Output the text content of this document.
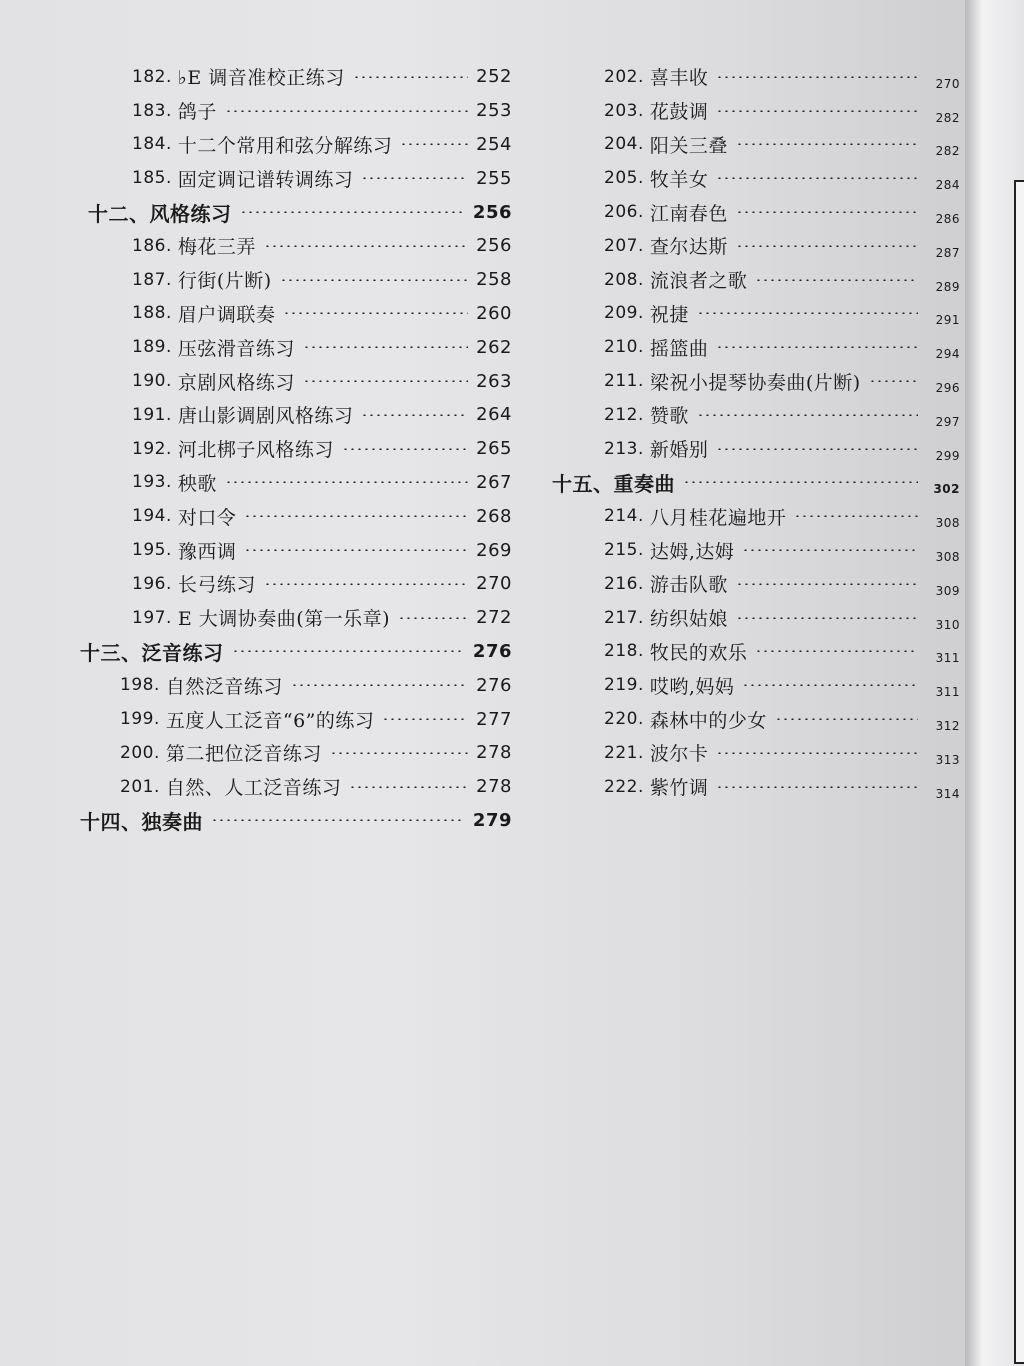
182. ♭E 调音准校正练习	252
183. 鸽子	253
184. 十二个常用和弦分解练习	254
185. 固定调记谱转调练习	255
十二、风格练习	256
186. 梅花三弄	256
187. 行街(片断)	258
188. 眉户调联奏	260
189. 压弦滑音练习	262
190. 京剧风格练习	263
191. 唐山影调剧风格练习	264
192. 河北梆子风格练习	265
193. 秧歌	267
194. 对口令	268
195. 豫西调	269
196. 长弓练习	270
197. E 大调协奏曲(第一乐章)	272
十三、泛音练习	276
198. 自然泛音练习	276
199. 五度人工泛音“6”的练习	277
200. 第二把位泛音练习	278
201. 自然、人工泛音练习	278
十四、独奏曲	279
202. 喜丰收	270
203. 花鼓调	282
204. 阳关三叠	282
205. 牧羊女	284
206. 江南春色	286
207. 查尔达斯	287
208. 流浪者之歌	289
209. 祝捷	291
210. 摇篮曲	294
211. 梁祝小提琴协奏曲(片断)	296
212. 赞歌	297
213. 新婚别	299
十五、重奏曲	302
214. 八月桂花遍地开	308
215. 达姆,达姆	308
216. 游击队歌	309
217. 纺织姑娘	310
218. 牧民的欢乐	311
219. 哎哟,妈妈	311
220. 森林中的少女	312
221. 波尔卡	313
222. 紫竹调	314
